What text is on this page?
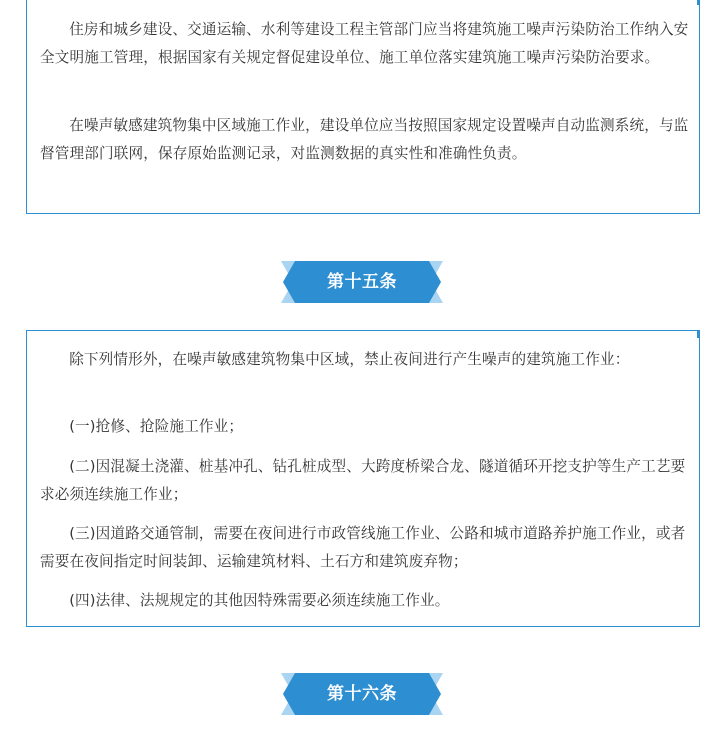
住房和城乡建设、交通运输、水利等建设工程主管部门应当将建筑施工噪声污染防治工作纳入安全文明施工管理，根据国家有关规定督促建设单位、施工单位落实建筑施工噪声污染防治要求。

在噪声敏感建筑物集中区域施工作业，建设单位应当按照国家规定设置噪声自动监测系统，与监督管理部门联网，保存原始监测记录，对监测数据的真实性和准确性负责。

第十五条

除下列情形外，在噪声敏感建筑物集中区域，禁止夜间进行产生噪声的建筑施工作业：

(一)抢修、抢险施工作业；

(二)因混凝土浇灌、桩基冲孔、钻孔桩成型、大跨度桥梁合龙、隧道循环开挖支护等生产工艺要求必须连续施工作业；

(三)因道路交通管制，需要在夜间进行市政管线施工作业、公路和城市道路养护施工作业，或者需要在夜间指定时间装卸、运输建筑材料、土石方和建筑废弃物；

(四)法律、法规规定的其他因特殊需要必须连续施工作业。

第十六条
